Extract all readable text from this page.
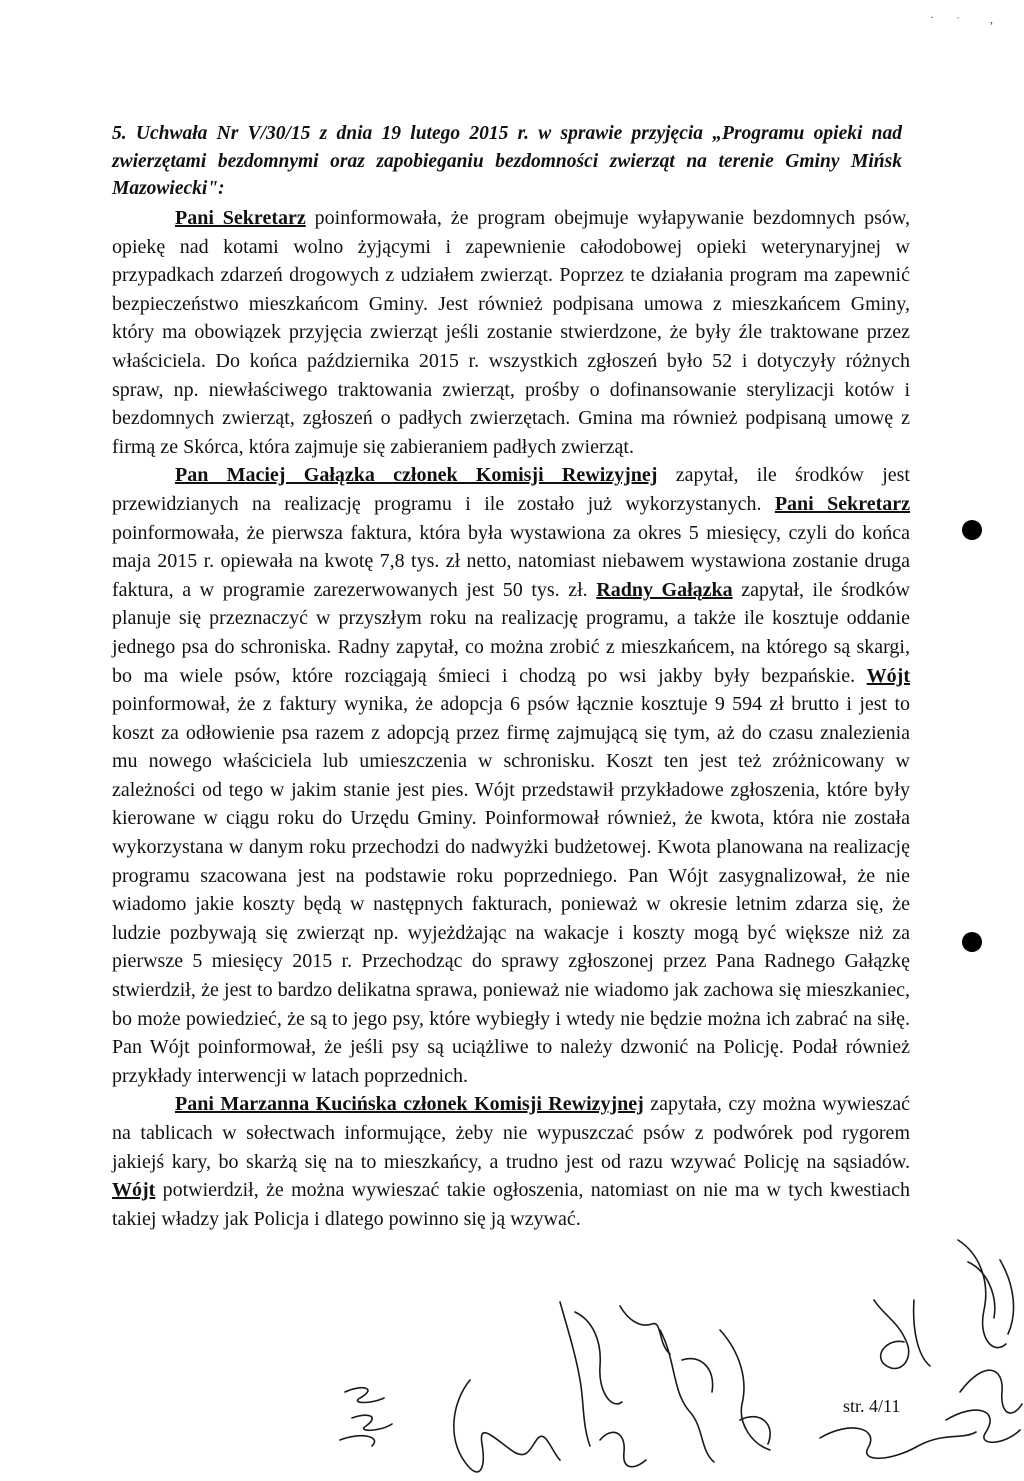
· ˙	,
5. Uchwała Nr V/30/15 z dnia 19 lutego 2015 r. w sprawie przyjęcia „Programu opieki nad zwierzętami bezdomnymi oraz zapobieganiu bezdomności zwierząt na terenie Gminy Mińsk Mazowiecki":

Pani Sekretarz poinformowała, że program obejmuje wyłapywanie bezdomnych psów, opiekę nad kotami wolno żyjącymi i zapewnienie całodobowej opieki weterynaryjnej w przypadkach zdarzeń drogowych z udziałem zwierząt. Poprzez te działania program ma zapewnić bezpieczeństwo mieszkańcom Gminy. Jest również podpisana umowa z mieszkańcem Gminy, który ma obowiązek przyjęcia zwierząt jeśli zostanie stwierdzone, że były źle traktowane przez właściciela. Do końca października 2015 r. wszystkich zgłoszeń było 52 i dotyczyły różnych spraw, np. niewłaściwego traktowania zwierząt, prośby o dofinansowanie sterylizacji kotów i bezdomnych zwierząt, zgłoszeń o padłych zwierzętach. Gmina ma również podpisaną umowę z firmą ze Skórca, która zajmuje się zabieraniem padłych zwierząt.

Pan Maciej Gałązka członek Komisji Rewizyjnej zapytał, ile środków jest przewidzianych na realizację programu i ile zostało już wykorzystanych. Pani Sekretarz poinformowała, że pierwsza faktura, która była wystawiona za okres 5 miesięcy, czyli do końca maja 2015 r. opiewała na kwotę 7,8 tys. zł netto, natomiast niebawem wystawiona zostanie druga faktura, a w programie zarezerwowanych jest 50 tys. zł. Radny Gałązka zapytał, ile środków planuje się przeznaczyć w przyszłym roku na realizację programu, a także ile kosztuje oddanie jednego psa do schroniska. Radny zapytał, co można zrobić z mieszkańcem, na którego są skargi, bo ma wiele psów, które rozciągają śmieci i chodzą po wsi jakby były bezpańskie. Wójt poinformował, że z faktury wynika, że adopcja 6 psów łącznie kosztuje 9 594 zł brutto i jest to koszt za odłowienie psa razem z adopcją przez firmę zajmującą się tym, aż do czasu znalezienia mu nowego właściciela lub umieszczenia w schronisku. Koszt ten jest też zróżnicowany w zależności od tego w jakim stanie jest pies. Wójt przedstawił przykładowe zgłoszenia, które były kierowane w ciągu roku do Urzędu Gminy. Poinformował również, że kwota, która nie została wykorzystana w danym roku przechodzi do nadwyżki budżetowej. Kwota planowana na realizację programu szacowana jest na podstawie roku poprzedniego. Pan Wójt zasygnalizował, że nie wiadomo jakie koszty będą w następnych fakturach, ponieważ w okresie letnim zdarza się, że ludzie pozbywają się zwierząt np. wyjeżdżając na wakacje i koszty mogą być większe niż za pierwsze 5 miesięcy 2015 r. Przechodząc do sprawy zgłoszonej przez Pana Radnego Gałązkę stwierdził, że jest to bardzo delikatna sprawa, ponieważ nie wiadomo jak zachowa się mieszkaniec, bo może powiedzieć, że są to jego psy, które wybiegły i wtedy nie będzie można ich zabrać na siłę. Pan Wójt poinformował, że jeśli psy są uciążliwe to należy dzwonić na Policję. Podał również przykłady interwencji w latach poprzednich.

Pani Marzanna Kucińska członek Komisji Rewizyjnej zapytała, czy można wywieszać na tablicach w sołectwach informujące, żeby nie wypuszczać psów z podwórek pod rygorem jakiejś kary, bo skarżą się na to mieszkańcy, a trudno jest od razu wzywać Policję na sąsiadów. Wójt potwierdził, że można wywieszać takie ogłoszenia, natomiast on nie ma w tych kwestiach takiej władzy jak Policja i dlatego powinno się ją wzywać.

str. 4/11
